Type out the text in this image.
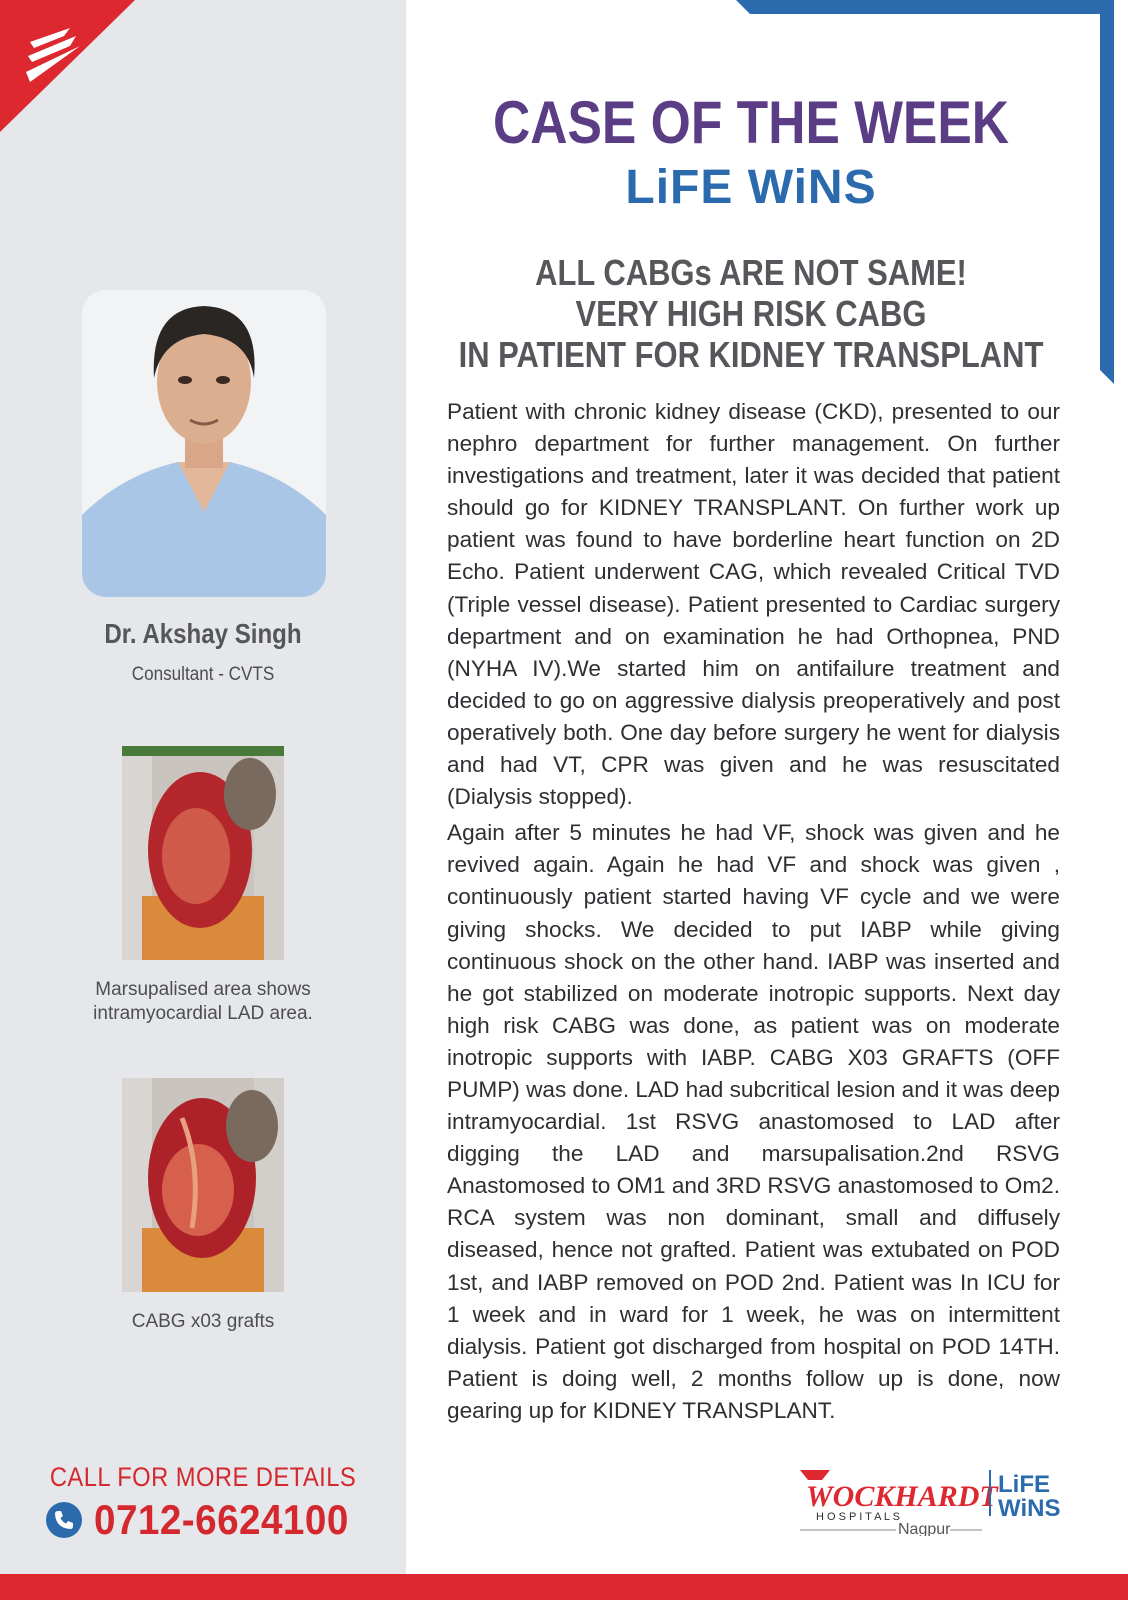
Dr. Akshay Singh
Consultant - CVTS
Marsupalised area shows
intramyocardial LAD area.
CABG x03 grafts
CALL FOR MORE DETAILS
0712-6624100
CASE OF THE WEEK
LiFE WiNS
ALL CABGs ARE NOT SAME!
VERY HIGH RISK CABG
IN PATIENT FOR KIDNEY TRANSPLANT

Patient with chronic kidney disease (CKD), presented to our nephro department for further management. On further investigations and treatment, later it was decided that patient should go for KIDNEY TRANSPLANT. On further work up patient was found to have borderline heart function on 2D Echo. Patient underwent CAG, which revealed Critical TVD (Triple vessel disease). Patient presented to Cardiac surgery department and on examination he had Orthopnea, PND (NYHA IV).We started him on antifailure treatment and decided to go on aggressive dialysis preoperatively and post operatively both. One day before surgery he went for dialysis and had VT, CPR was given and he was resuscitated (Dialysis stopped).

Again after 5 minutes he had VF, shock was given and he revived again. Again he had VF and shock was given , continuously patient started having VF cycle and we were giving shocks. We decided to put IABP while giving continuous shock on the other hand. IABP was inserted and he got stabilized on moderate inotropic supports. Next day high risk CABG was done, as patient was on moderate inotropic supports with IABP. CABG X03 GRAFTS (OFF PUMP) was done. LAD had subcritical lesion and it was deep intramyocardial. 1st RSVG anastomosed to LAD after digging the LAD and marsupalisation.2nd RSVG Anastomosed to OM1 and 3RD RSVG anastomosed to Om2. RCA system was non dominant, small and diffusely diseased, hence not grafted. Patient was extubated on POD 1st, and IABP removed on POD 2nd. Patient was In ICU for 1 week and in ward for 1 week, he was on intermittent dialysis. Patient got discharged from hospital on POD 14TH. Patient is doing well, 2 months follow up is done, now gearing up for KIDNEY TRANSPLANT.

WOCKHARDT
H O S P I T A L S
Nagpur
LiFE
WiNS
